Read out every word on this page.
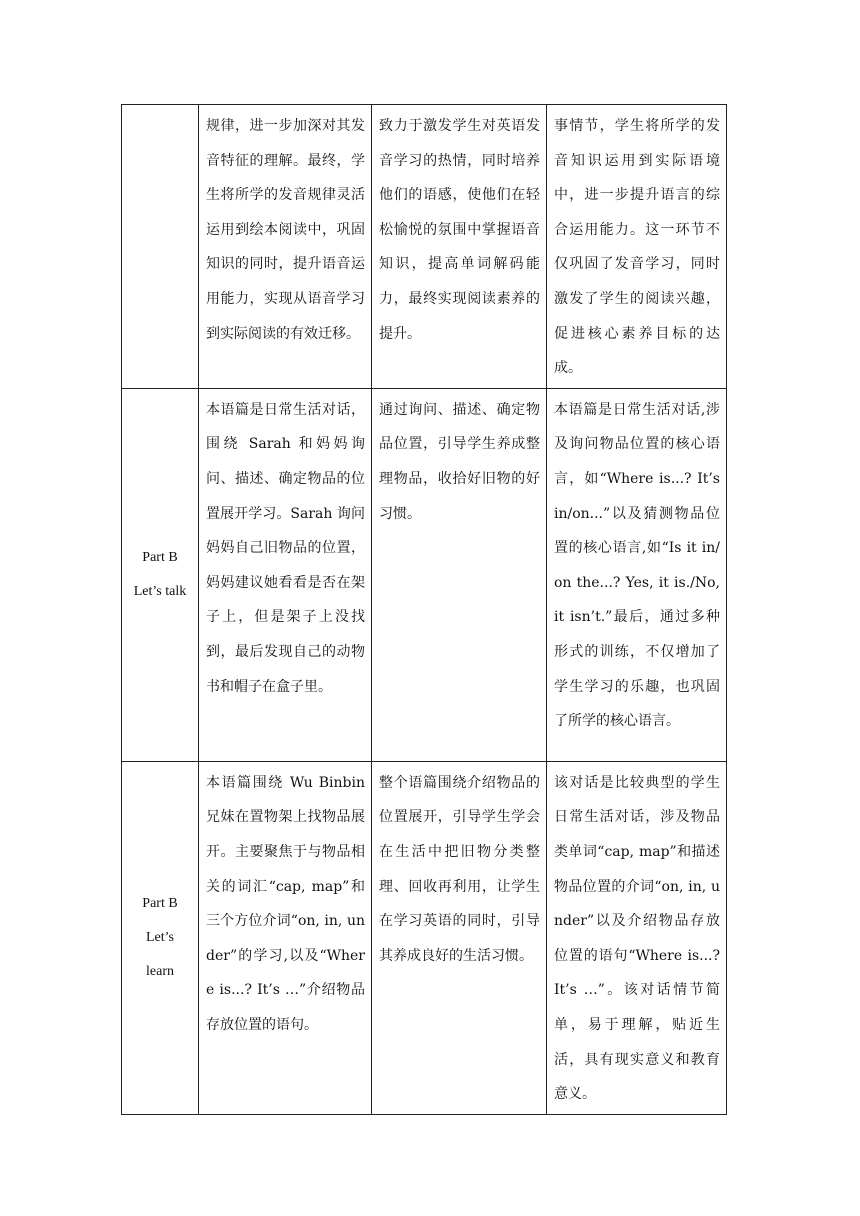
	规律，进一步加深对其发音特征的理解。最终，学生将所学的发音规律灵活运用到绘本阅读中，巩固知识的同时，提升语音运用能力，实现从语音学习到实际阅读的有效迁移。	致力于激发学生对英语发音学习的热情，同时培养他们的语感，使他们在轻松愉悦的氛围中掌握语音知识，提高单词解码能力，最终实现阅读素养的提升。	事情节，学生将所学的发音知识运用到实际语境中，进一步提升语言的综合运用能力。这一环节不仅巩固了发音学习，同时激发了学生的阅读兴趣，促进核心素养目标的达成。

Part B
Let’s talk	本语篇是日常生活对话，围绕 Sarah 和妈妈询问、描述、确定物品的位置展开学习。Sarah 询问妈妈自己旧物品的位置，妈妈建议她看看是否在架子上，但是架子上没找到，最后发现自己的动物书和帽子在盒子里。	通过询问、描述、确定物品位置，引导学生养成整理物品，收拾好旧物的好习惯。	本语篇是日常生活对话,涉及询问物品位置的核心语言，如“Where is...? It’s in/on...”以及猜测物品位置的核心语言,如“Is it in/on the...? Yes, it is./No, it isn’t.”最后，通过多种形式的训练，不仅增加了学生学习的乐趣，也巩固了所学的核心语言。

Part B
Let’s
learn	本语篇围绕 Wu Binbin 兄妹在置物架上找物品展开。主要聚焦于与物品相关的词汇“cap, map”和三个方位介词“on, in, under”的学习,以及“Where is...? It’s …”介绍物品存放位置的语句。	整个语篇围绕介绍物品的位置展开，引导学生学会在生活中把旧物分类整理、回收再利用，让学生在学习英语的同时，引导其养成良好的生活习惯。	该对话是比较典型的学生日常生活对话，涉及物品类单词“cap, map”和描述物品位置的介词“on, in, under”以及介绍物品存放位置的语句“Where is...? It’s …”。该对话情节简单，易于理解，贴近生活，具有现实意义和教育意义。
